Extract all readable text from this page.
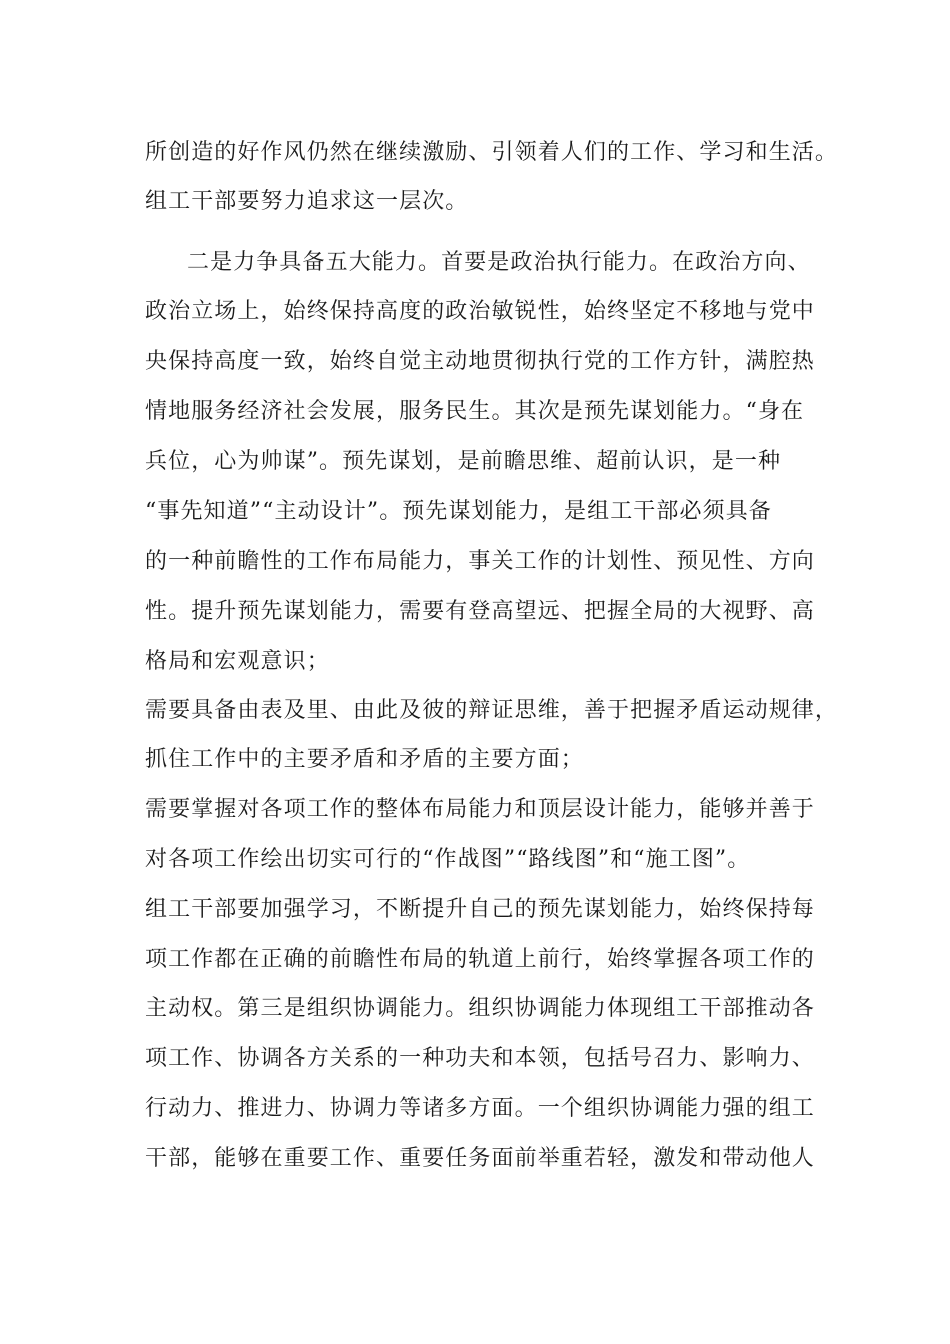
所创造的好作风仍然在继续激励、引领着人们的工作、学习和生活。
组工干部要努力追求这一层次。
二是力争具备五大能力。首要是政治执行能力。在政治方向、
政治立场上，始终保持高度的政治敏锐性，始终坚定不移地与党中
央保持高度一致，始终自觉主动地贯彻执行党的工作方针，满腔热
情地服务经济社会发展，服务民生。其次是预先谋划能力。“身在
兵位，心为帅谋”。预先谋划，是前瞻思维、超前认识，是一种
“事先知道”“主动设计”。预先谋划能力，是组工干部必须具备
的一种前瞻性的工作布局能力，事关工作的计划性、预见性、方向
性。提升预先谋划能力，需要有登高望远、把握全局的大视野、高
格局和宏观意识；
需要具备由表及里、由此及彼的辩证思维，善于把握矛盾运动规律，
抓住工作中的主要矛盾和矛盾的主要方面；
需要掌握对各项工作的整体布局能力和顶层设计能力，能够并善于
对各项工作绘出切实可行的“作战图”“路线图”和“施工图”。
组工干部要加强学习，不断提升自己的预先谋划能力，始终保持每
项工作都在正确的前瞻性布局的轨道上前行，始终掌握各项工作的
主动权。第三是组织协调能力。组织协调能力体现组工干部推动各
项工作、协调各方关系的一种功夫和本领，包括号召力、影响力、
行动力、推进力、协调力等诸多方面。一个组织协调能力强的组工
干部，能够在重要工作、重要任务面前举重若轻，激发和带动他人
